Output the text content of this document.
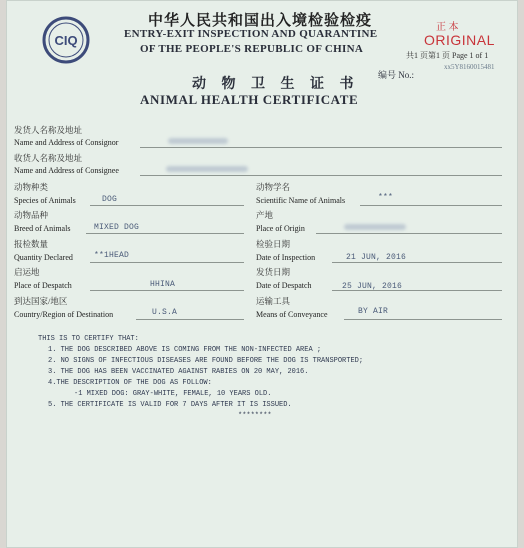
CIQ
中华人民共和国出入境检验检疫
ENTRY-EXIT INSPECTION AND QUARANTINE
OF THE PEOPLE'S REPUBLIC OF CHINA
正 本
ORIGINAL
共1 页第1 页 Page 1 of 1
编号 No.:
xx5Y8160015481
动 物 卫 生 证 书
ANIMAL HEALTH CERTIFICATE
发货人名称及地址
Name and Address of Consignor
收货人名称及地址
Name and Address of Consignee
动物种类
Species of Animals	DOG
动物学名
Scientific Name of Animals	***
动物品种
Breed of Animals	MIXED DOG
产地
Place of Origin
报检数量
Quantity Declared	**1HEAD
检验日期
Date of Inspection	21 JUN, 2016
启运地
Place of Despatch	HHINA
发货日期
Date of Despatch	25 JUN, 2016
到达国家/地区
Country/Region of Destination	U.S.A
运输工具
Means of Conveyance	BY AIR
THIS IS TO CERTIFY THAT:
1. THE DOG DESCRIBED ABOVE IS COMING FROM THE NON-INFECTED AREA ;
2. NO SIGNS OF INFECTIOUS DISEASES ARE FOUND BEFORE THE DOG IS TRANSPORTED;
3. THE DOG HAS BEEN VACCINATED AGAINST RABIES ON 20 MAY, 2016.
4.THE DESCRIPTION OF THE DOG AS FOLLOW:
-1 MIXED DOG: GRAY-WHITE, FEMALE, 10 YEARS OLD.
5. THE CERTIFICATE IS VALID FOR 7 DAYS AFTER IT IS ISSUED.
********
